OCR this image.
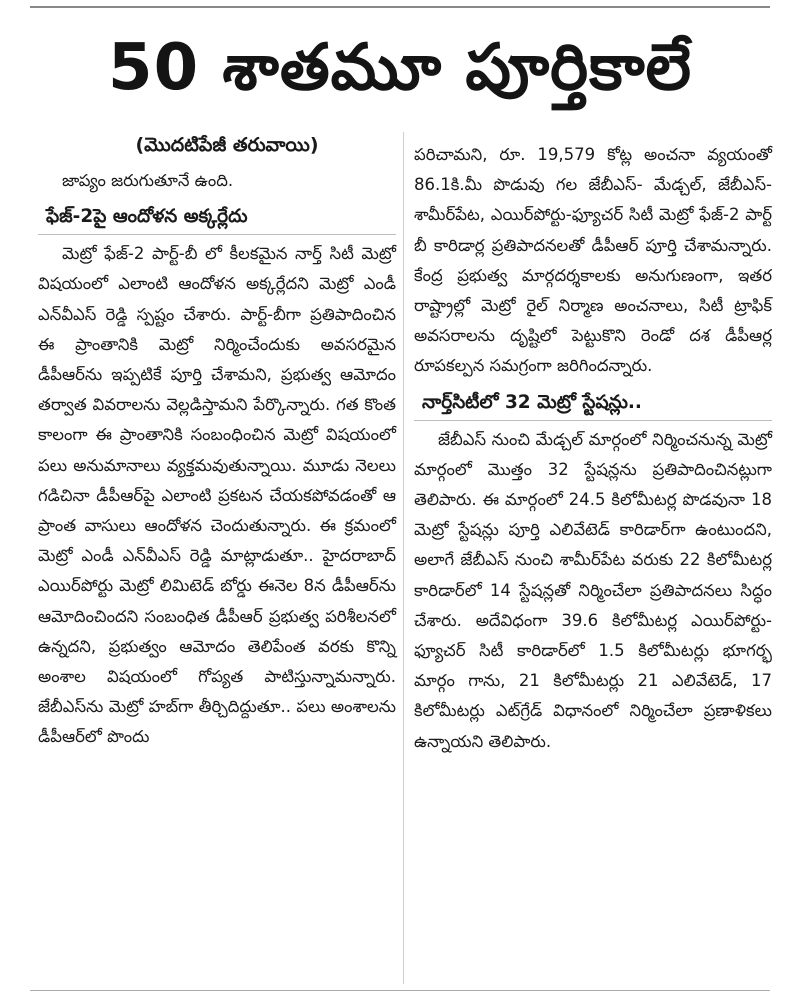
50 శాతమూ పూర్తికాలే
(మొదటిపేజీ తరువాయి)

జాప్యం జరుగుతూనే ఉంది.

ఫేజ్‌-2పై ఆందోళన అక్కర్లేదు

మెట్రో ఫేజ్‌-2 పార్ట్‌-బీ లో కీలకమైన నార్త్‌ సిటీ మెట్రో విషయంలో ఎలాంటి ఆందోళన అక్కర్లేదని మెట్రో ఎండీ ఎన్‌వీఎస్‌ రెడ్డి స్పష్టం చేశారు. పార్ట్‌-బీగా ప్రతిపాదించిన ఈ ప్రాంతానికి మెట్రో నిర్మించేందుకు అవసరమైన డీపీఆర్‌ను ఇప్పటికే పూర్తి చేశామని, ప్రభుత్వ ఆమోదం తర్వాత వివరాలను వెల్లడిస్తామని పేర్కొన్నారు. గత కొంత కాలంగా ఈ ప్రాంతానికి సంబంధించిన మెట్రో విషయంలో పలు అనుమానాలు వ్యక్తమవుతున్నాయి. మూడు నెలలు గడిచినా డీపీఆర్‌పై ఎలాంటి ప్రకటన చేయకపోవడంతో ఆ ప్రాంత వాసులు ఆందోళన చెందుతున్నారు. ఈ క్రమంలో మెట్రో ఎండీ ఎన్‌వీఎస్‌ రెడ్డి మాట్లాడుతూ.. హైదరాబాద్‌ ఎయిర్‌పోర్టు మెట్రో లిమిటెడ్‌ బోర్డు ఈనెల 8న డీపీఆర్‌ను ఆమోదించిందని సంబంధిత డీపీఆర్‌ ప్రభుత్వ పరిశీలనలో ఉన్నదని, ప్రభుత్వం ఆమోదం తెలిపేంత వరకు కొన్ని అంశాల విషయంలో గోప్యత పాటిస్తున్నామన్నారు. జేబీఎస్‌ను మెట్రో హబ్‌గా తీర్చిదిద్దుతూ.. పలు అంశాలను డీపీఆర్‌లో పొందు

పరిచామని, రూ. 19,579 కోట్ల అంచనా వ్యయంతో 86.1కి.మీ పొడువు గల జేబీఎస్‌- మేడ్చల్‌, జేబీఎస్‌- శామీర్‌పేట, ఎయిర్‌పోర్టు-ఫ్యూచర్‌ సిటీ మెట్రో ఫేజ్‌-2 పార్ట్‌ బీ కారిడార్ల ప్రతిపాదనలతో డీపీఆర్‌ పూర్తి చేశామన్నారు. కేంద్ర ప్రభుత్వ మార్గదర్శకాలకు అనుగుణంగా, ఇతర రాష్ట్రాల్లో మెట్రో రైల్‌ నిర్మాణ అంచనాలు, సిటీ ట్రాఫిక్‌ అవసరాలను దృష్టిలో పెట్టుకొని రెండో దశ డీపీఆర్ల రూపకల్పన సమగ్రంగా జరిగిందన్నారు.

నార్త్‌సిటీలో 32 మెట్రో స్టేషన్లు..

జేబీఎస్‌ నుంచి మేడ్చల్‌ మార్గంలో నిర్మించనున్న మెట్రో మార్గంలో మొత్తం 32 స్టేషన్లను ప్రతిపాదించినట్లుగా తెలిపారు. ఈ మార్గంలో 24.5 కిలోమీటర్ల పొడవునా 18 మెట్రో స్టేషన్లు పూర్తి ఎలివేటెడ్‌ కారిడార్‌గా ఉంటుందని, అలాగే జేబీఎస్‌ నుంచి శామీర్‌పేట వరుకు 22 కిలోమీటర్ల కారిడార్‌లో 14 స్టేషన్లతో నిర్మించేలా ప్రతిపాదనలు సిద్ధం చేశారు. అదేవిధంగా 39.6 కిలోమీటర్ల ఎయిర్‌పోర్టు-ఫ్యూచర్‌ సిటీ కారిడార్‌లో 1.5 కిలోమీటర్లు భూగర్భ మార్గం గాను, 21 కిలోమీటర్లు 21 ఎలివేటెడ్‌, 17 కిలోమీటర్లు ఎట్‌గ్రేడ్‌ విధానంలో నిర్మించేలా ప్రణాళికలు ఉన్నాయని తెలిపారు.
